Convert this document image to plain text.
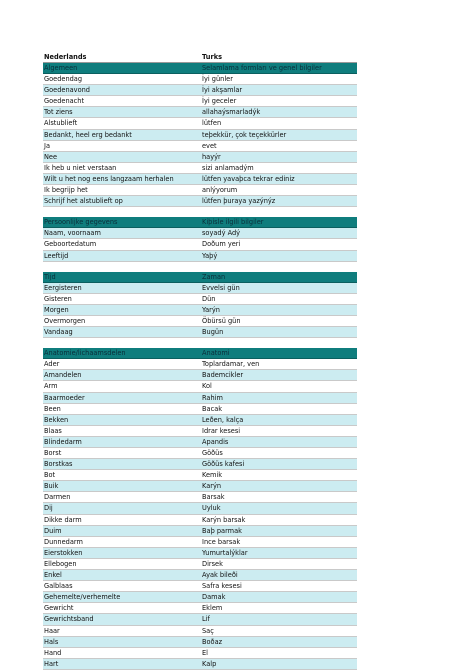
Nederlands	Turks
Algemeen	Selamlama formları ve genel bilgiler
Goedendag	İyi günler
Goedenavond	İyi akşamlar
Goedenacht	İyi geceler
Tot ziens	allahaýsmarladýk
Alstublieft	lütfen
Bedankt, heel erg bedankt	teþekkür, çok teçekkürler
Ja	evet
Nee	hayýr
Ik heb u niet verstaan	sizi anlamadým
Wilt u het nog eens langzaam herhalen	lütfen yavaþca tekrar ediniz
Ik begrijp het	anlýyorum
Schrijf het alstublieft op	lütfen þuraya yazýnýz
Persoonlijke gegevens	Kiþisle ilgili bilgiler
Naam, voornaam	soyadý Adý
Geboortedatum	Doðum yeri
Leeftijd	Yaþý
Tijd	Zaman
Eergisteren	Evvelsi gün
Gisteren	Dün
Morgen	Yarýn
Overmorgen	Öbürsü gün
Vandaag	Bugün
Anatomie/lichaamsdelen	Anatomi
Ader	Toplardamar, ven
Amandelen	Bademcikler
Arm	Kol
Baarmoeder	Rahim
Been	Bacak
Bekken	Leðen, kalça
Blaas	Idrar kesesi
Blindedarm	Apandis
Borst	Göðüs
Borstkas	Göðüs kafesi
Bot	Kemik
Buik	Karýn
Darmen	Barsak
Dij	Uyluk
Dikke darm	Karýn barsak
Duim	Baþ parmak
Dunnedarm	Ince barsak
Eierstokken	Yumurtalýklar
Ellebogen	Dirsek
Enkel	Ayak bileði
Galblaas	Safra kesesi
Gehemelte/verhemelte	Damak
Gewricht	Eklem
Gewrichtsband	Lif
Haar	Saç
Hals	Boðaz
Hand	El
Hart	Kalp
